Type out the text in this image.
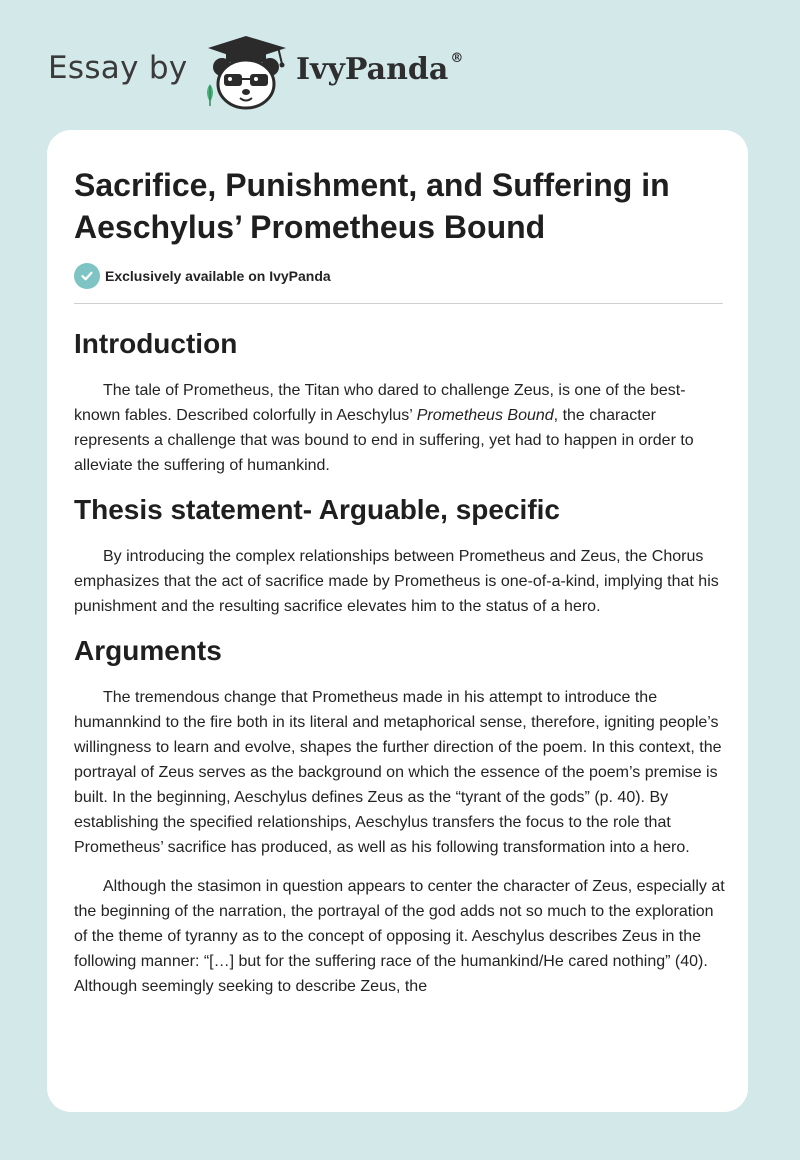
Essay by	IvyPanda ®
Sacrifice, Punishment, and Suffering in Aeschylus’ Prometheus Bound
Exclusively available on IvyPanda
Introduction

The tale of Prometheus, the Titan who dared to challenge Zeus, is one of the best-known fables. Described colorfully in Aeschylus’ Prometheus Bound, the character represents a challenge that was bound to end in suffering, yet had to happen in order to alleviate the suffering of humankind.

Thesis statement- Arguable, specific

By introducing the complex relationships between Prometheus and Zeus, the Chorus emphasizes that the act of sacrifice made by Prometheus is one-of-a-kind, implying that his punishment and the resulting sacrifice elevates him to the status of a hero.

Arguments

The tremendous change that Prometheus made in his attempt to introduce the humannkind to the fire both in its literal and metaphorical sense, therefore, igniting people’s willingness to learn and evolve, shapes the further direction of the poem. In this context, the portrayal of Zeus serves as the background on which the essence of the poem’s premise is built. In the beginning, Aeschylus defines Zeus as the “tyrant of the gods” (p. 40). By establishing the specified relationships, Aeschylus transfers the focus to the role that Prometheus’ sacrifice has produced, as well as his following transformation into a hero.

Although the stasimon in question appears to center the character of Zeus, especially at the beginning of the narration, the portrayal of the god adds not so much to the exploration of the theme of tyranny as to the concept of opposing it. Aeschylus describes Zeus in the following manner: “[…] but for the suffering race of the humankind/He cared nothing” (40). Although seemingly seeking to describe Zeus, the
